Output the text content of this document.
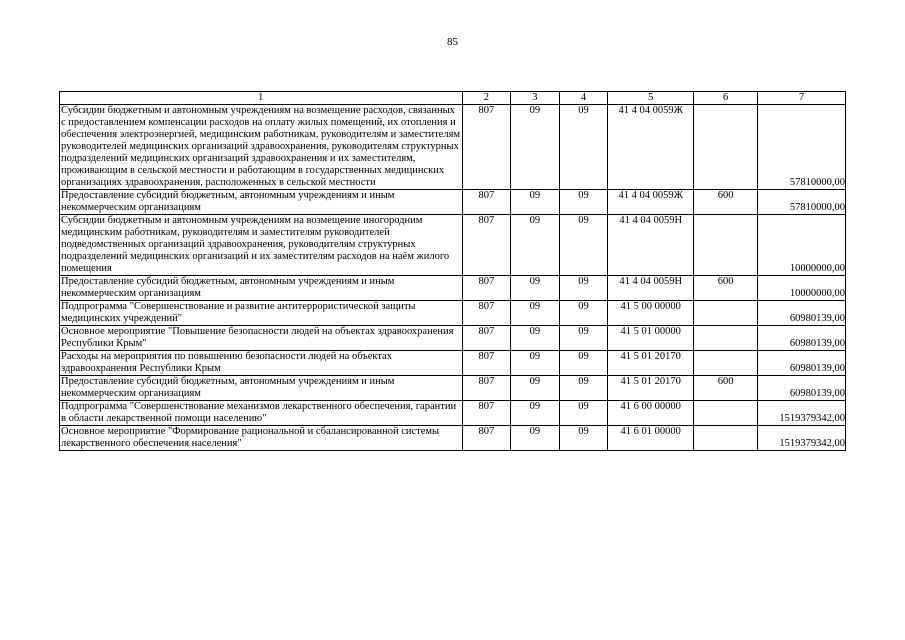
85
1	2	3	4	5	6	7
Субсидии бюджетным и автономным учреждениям на возмещение расходов, связанных с предоставлением компенсации расходов на оплату жилых помещений, их отопления и обеспечения электроэнергией, медицинским работникам, руководителям и заместителям руководителей медицинских организаций здравоохранения, руководителям структурных подразделений медицинских организаций здравоохранения и их заместителям, проживающим в сельской местности и работающим в государственных медицинских организациях здравоохранения, расположенных в сельской местности	807	09	09	41 4 04 0059Ж		57810000,00
Предоставление субсидий бюджетным, автономным учреждениям и иным некоммерческим организациям	807	09	09	41 4 04 0059Ж	600	57810000,00
Субсидии бюджетным и автономным учреждениям на возмещение иногородним медицинским работникам, руководителям и заместителям руководителей подведомственных организаций здравоохранения, руководителям структурных подразделений медицинских организаций и их заместителям расходов на наём жилого помещения	807	09	09	41 4 04 0059Н		10000000,00
Предоставление субсидий бюджетным, автономным учреждениям и иным некоммерческим организациям	807	09	09	41 4 04 0059Н	600	10000000,00
Подпрограмма "Совершенствование и развитие антитеррористической защиты медицинских учреждений"	807	09	09	41 5 00 00000		60980139,00
Основное мероприятие "Повышение безопасности людей на объектах здравоохранения Республики Крым"	807	09	09	41 5 01 00000		60980139,00
Расходы на мероприятия по повышению безопасности людей на объектах здравоохранения Республики Крым	807	09	09	41 5 01 20170		60980139,00
Предоставление субсидий бюджетным, автономным учреждениям и иным некоммерческим организациям	807	09	09	41 5 01 20170	600	60980139,00
Подпрограмма "Совершенствование механизмов лекарственного обеспечения, гарантии в области лекарственной помощи населению"	807	09	09	41 6 00 00000		1519379342,00
Основное мероприятие "Формирование рациональной и сбалансированной системы лекарственного обеспечения населения"	807	09	09	41 6 01 00000		1519379342,00
